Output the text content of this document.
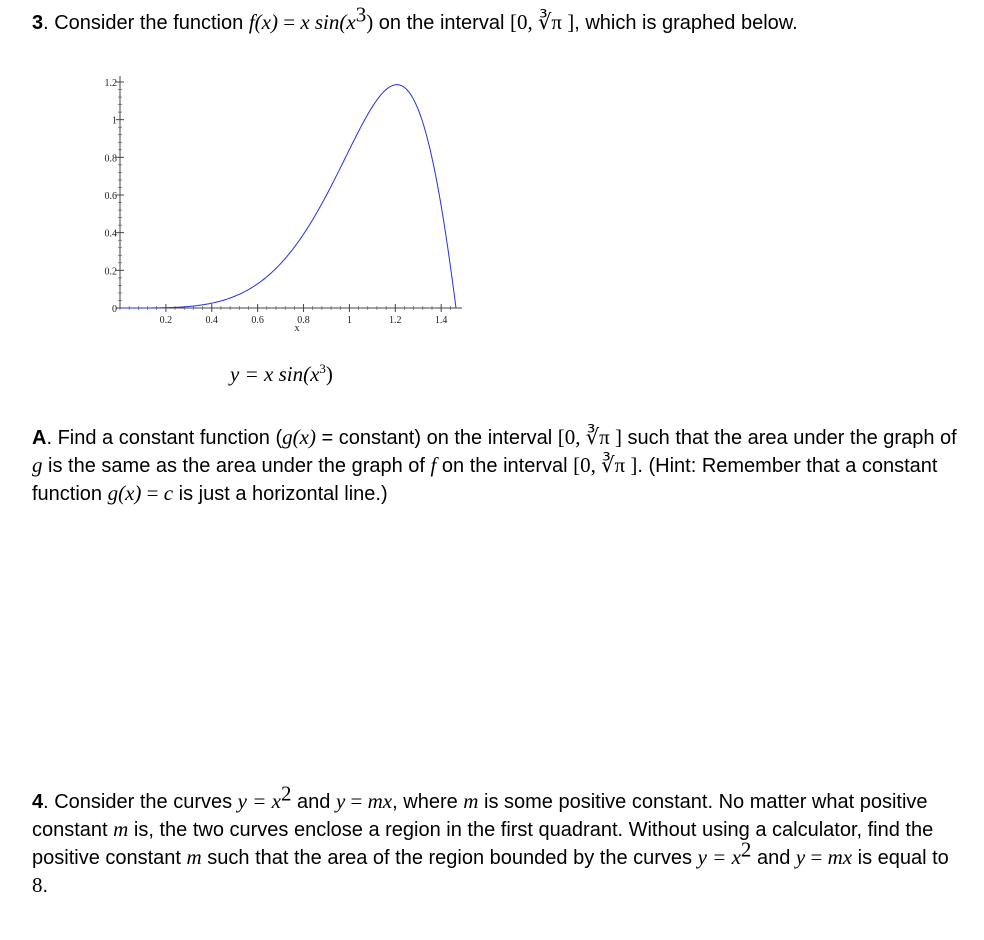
3. Consider the function f(x) = x $\sin(x^3)$ on the interval [0, ∛π ], which is graphed below.

0.2	0.4	0.6	0.8	1	1.2	1.4
0
0.2
0.4
0.6
0.8
1
1.2
x

y = x $\sin(x^3)$

A. Find a constant function (g(x) = constant) on the interval [0, ∛π ] such that the area under the graph of g is the same as the area under the graph of f on the interval [0, ∛π ]. (Hint: Remember that a constant function g(x) = c is just a horizontal line.)

4. Consider the curves $y = x^2$ and y = mx, where m is some positive constant. No matter what positive constant m is, the two curves enclose a region in the first quadrant. Without using a calculator, find the positive constant m such that the area of the region bounded by the curves $y = x^2$ and y = mx is equal to 8.
